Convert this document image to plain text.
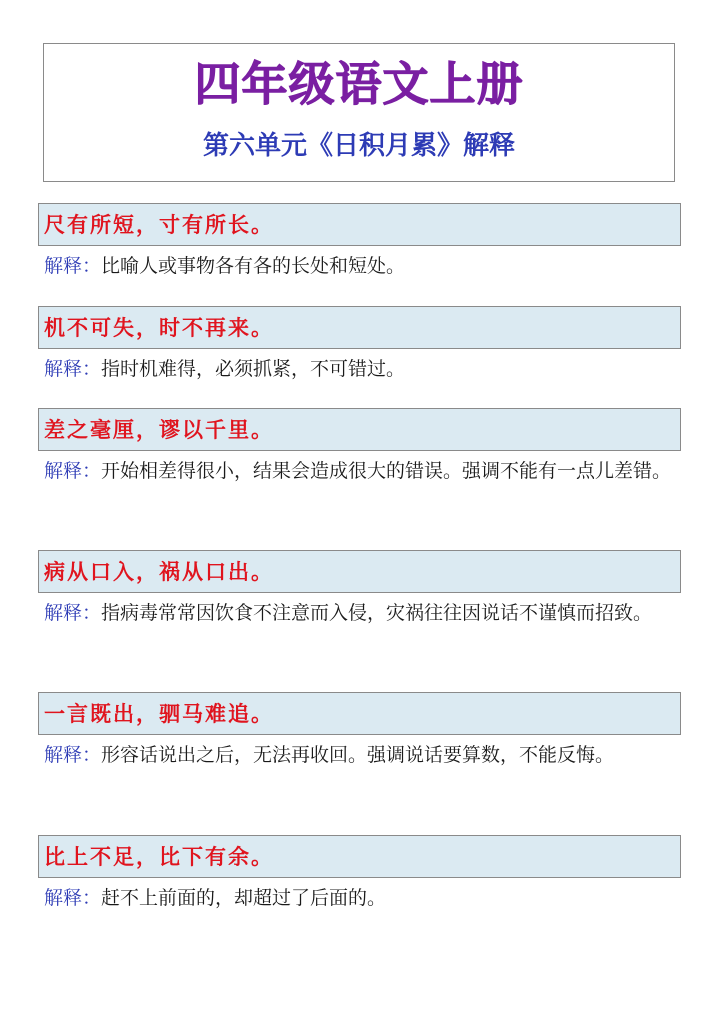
四年级语文上册
第六单元《日积月累》解释
尺有所短，寸有所长。

解释：比喻人或事物各有各的长处和短处。

机不可失，时不再来。

解释：指时机难得，必须抓紧，不可错过。

差之毫厘，谬以千里。

解释：开始相差得很小，结果会造成很大的错误。强调不能有一点儿差错。

病从口入，祸从口出。

解释：指病毒常常因饮食不注意而入侵，灾祸往往因说话不谨慎而招致。

一言既出，驷马难追。

解释：形容话说出之后，无法再收回。强调说话要算数，不能反悔。

比上不足，比下有余。

解释：赶不上前面的，却超过了后面的。
